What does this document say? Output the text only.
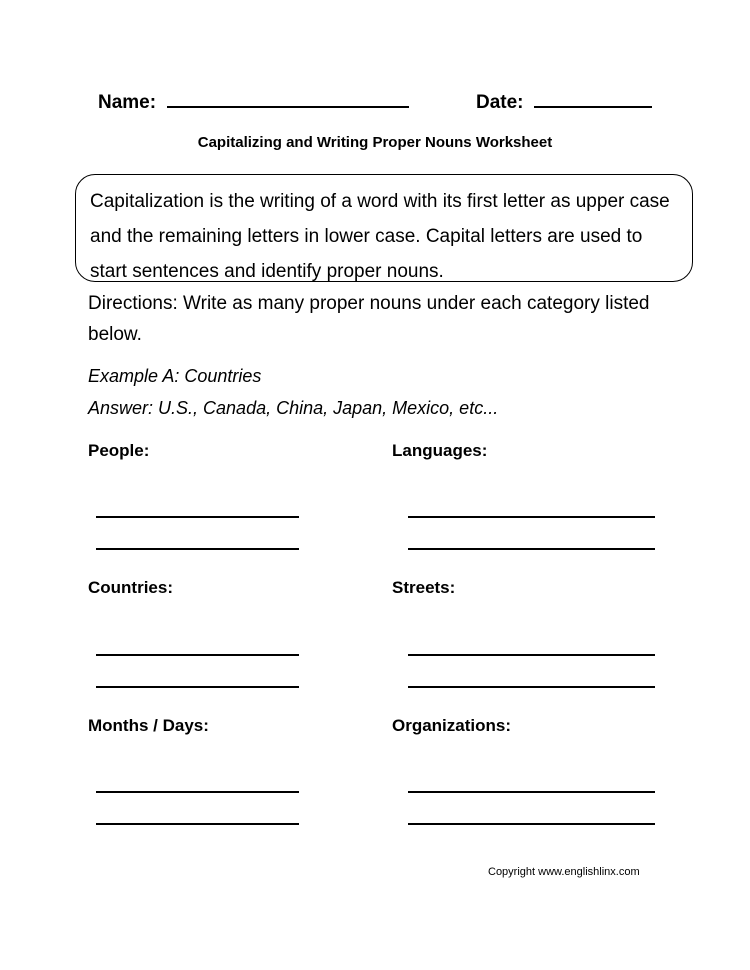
Name:	Date:
Capitalizing and Writing Proper Nouns Worksheet
Capitalization is the writing of a word with its first letter as upper case and the remaining letters in lower case. Capital letters are used to start sentences and identify proper nouns.
Directions: Write as many proper nouns under each category listed below.
Example A: Countries
Answer: U.S., Canada, China, Japan, Mexico, etc...
People:	Languages:
Countries:	Streets:
Months / Days:	Organizations:
Copyright www.englishlinx.com
